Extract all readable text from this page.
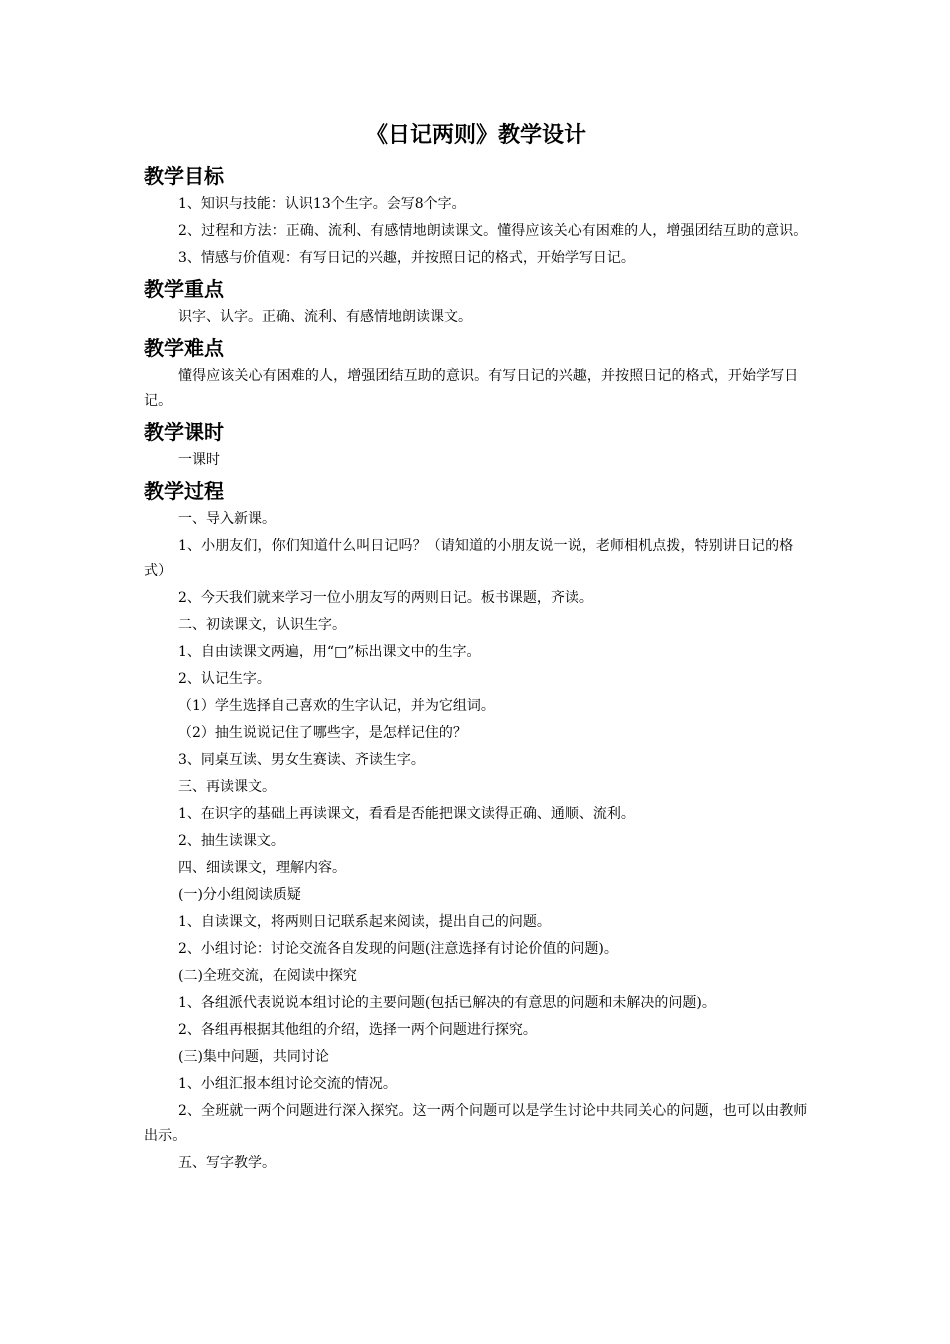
《日记两则》教学设计
教学目标

1、知识与技能：认识13个生字。会写8个字。

2、过程和方法：正确、流利、有感情地朗读课文。懂得应该关心有困难的人，增强团结互助的意识。

3、情感与价值观：有写日记的兴趣，并按照日记的格式，开始学写日记。

教学重点

识字、认字。正确、流利、有感情地朗读课文。

教学难点

懂得应该关心有困难的人，增强团结互助的意识。有写日记的兴趣，并按照日记的格式，开始学写日记。

教学课时

一课时

教学过程

一、导入新课。

1、小朋友们，你们知道什么叫日记吗？（请知道的小朋友说一说，老师相机点拨，特别讲日记的格式）

2、今天我们就来学习一位小朋友写的两则日记。板书课题，齐读。

二、初读课文，认识生字。

1、自由读课文两遍，用“□”标出课文中的生字。

2、认记生字。

（1）学生选择自己喜欢的生字认记，并为它组词。

（2）抽生说说记住了哪些字，是怎样记住的？

3、同桌互读、男女生赛读、齐读生字。

三、再读课文。

1、在识字的基础上再读课文，看看是否能把课文读得正确、通顺、流利。

2、抽生读课文。

四、细读课文，理解内容。

(一)分小组阅读质疑

1、自读课文，将两则日记联系起来阅读，提出自己的问题。

2、小组讨论：讨论交流各自发现的问题(注意选择有讨论价值的问题)。

(二)全班交流，在阅读中探究

1、各组派代表说说本组讨论的主要问题(包括已解决的有意思的问题和未解决的问题)。

2、各组再根据其他组的介绍，选择一两个问题进行探究。

(三)集中问题，共同讨论

1、小组汇报本组讨论交流的情况。

2、全班就一两个问题进行深入探究。这一两个问题可以是学生讨论中共同关心的问题，也可以由教师出示。

五、写字教学。
